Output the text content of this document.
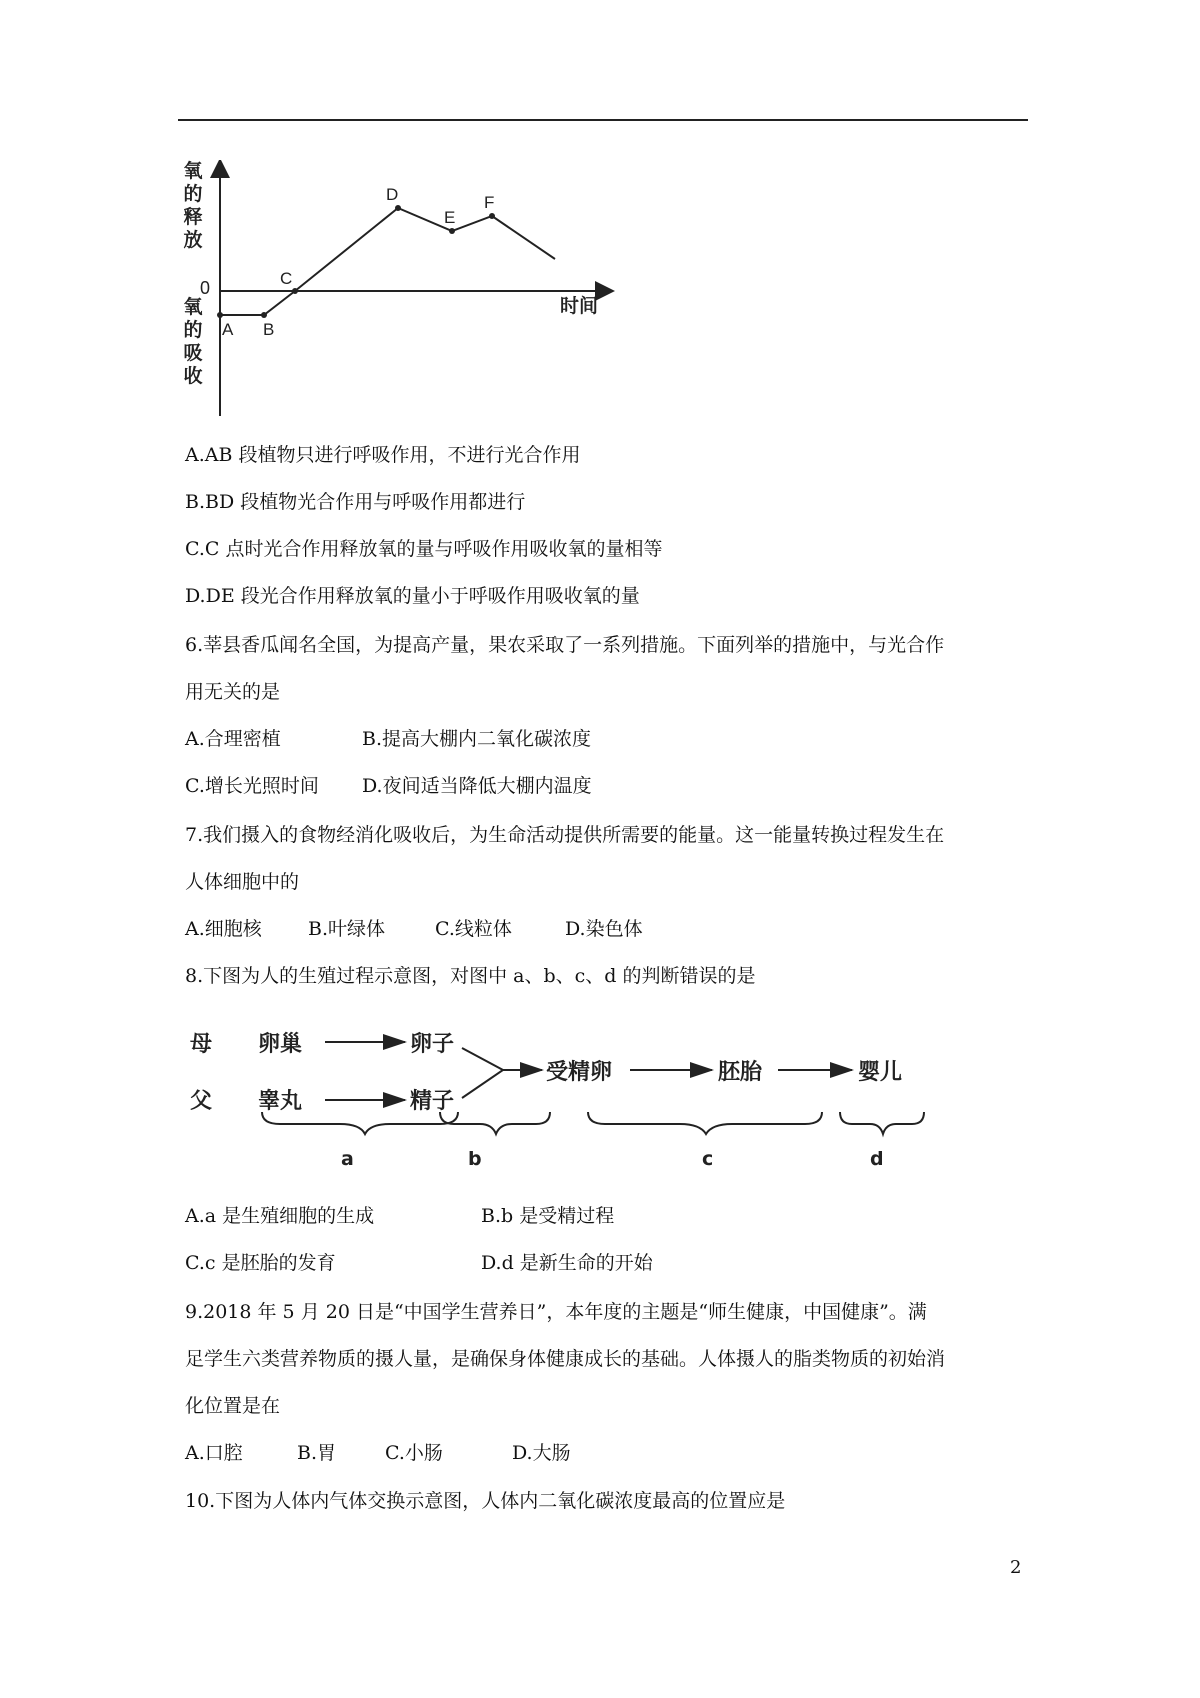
氧
的
释
放
0
氧
的
吸
收
时间
A B
C
D
E
F
A.AB 段植物只进行呼吸作用，不进行光合作用
B.BD 段植物光合作用与呼吸作用都进行
C.C 点时光合作用释放氧的量与呼吸作用吸收氧的量相等
D.DE 段光合作用释放氧的量小于呼吸作用吸收氧的量
6.莘县香瓜闻名全国，为提高产量，果农采取了一系列措施。下面列举的措施中，与光合作
用无关的是
A.合理密植	B.提高大棚内二氧化碳浓度
C.增长光照时间 D.夜间适当降低大棚内温度
7.我们摄入的食物经消化吸收后，为生命活动提供所需要的能量。这一能量转换过程发生在
人体细胞中的
A.细胞核 B.叶绿体	C.线粒体	D.染色体
8.下图为人的生殖过程示意图，对图中 a、b、c、d 的判断错误的是
母
父
卵巢
睾丸
卵子
精子
受精卵	胚胎	婴儿
a	b	c	d
A.a 是生殖细胞的生成	B.b 是受精过程
C.c 是胚胎的发育	D.d 是新生命的开始
9.2018 年 5 月 20 日是“中国学生营养日”，本年度的主题是“师生健康，中国健康”。满
足学生六类营养物质的摄人量，是确保身体健康成长的基础。人体摄人的脂类物质的初始消
化位置是在
A.口腔	B.胃	C.小肠	D.大肠
10.下图为人体内气体交换示意图，人体内二氧化碳浓度最高的位置应是
2
